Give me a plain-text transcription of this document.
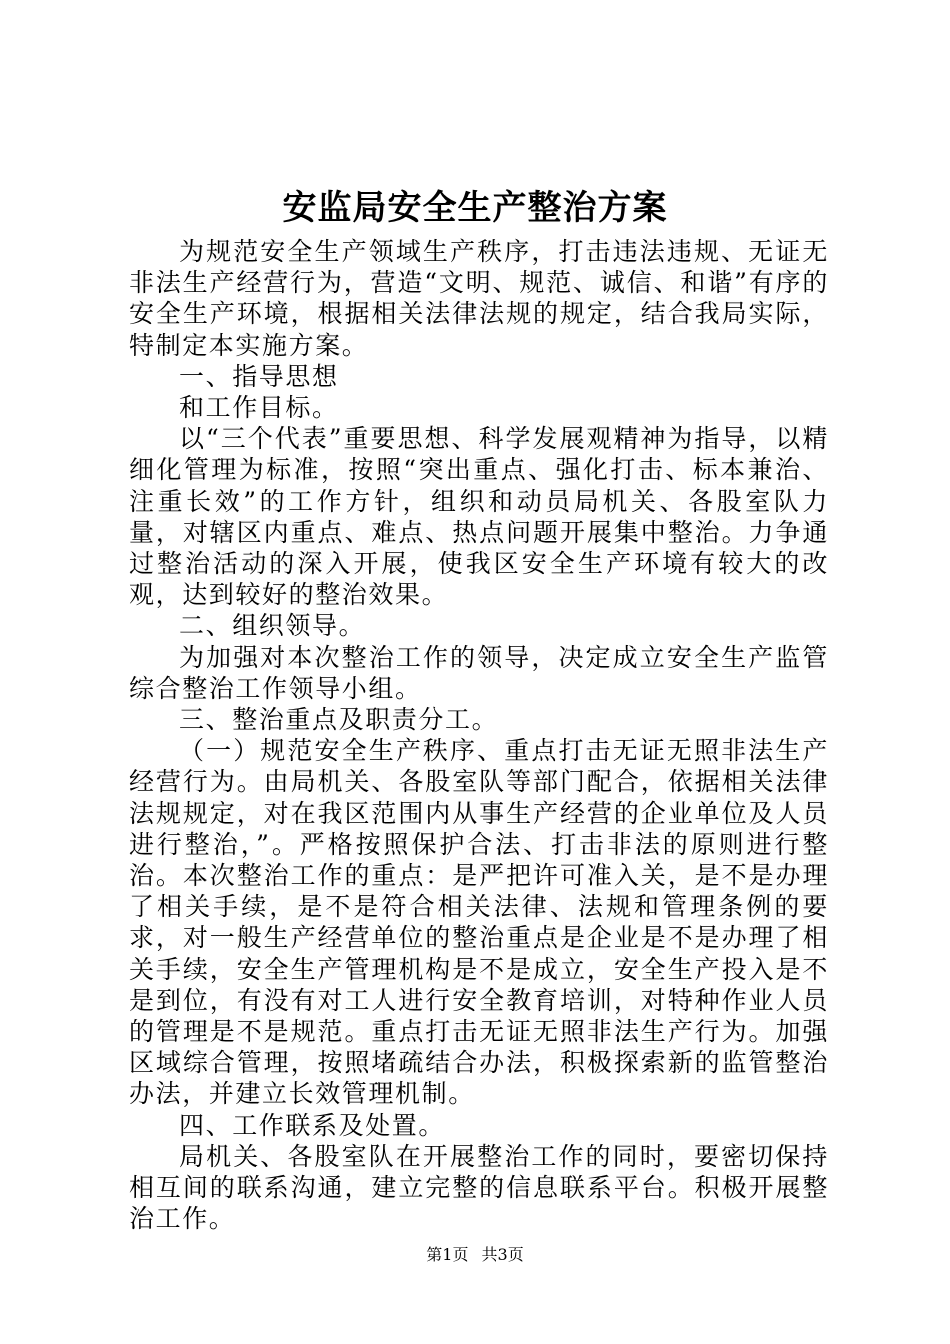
安监局安全生产整治方案

为规范安全生产领域生产秩序，打击违法违规、无证无非法生产经营行为，营造“文明、规范、诚信、和谐”有序的安全生产环境，根据相关法律法规的规定，结合我局实际，特制定本实施方案。

一、指导思想

和工作目标。

以“三个代表”重要思想、科学发展观精神为指导，以精细化管理为标准，按照“突出重点、强化打击、标本兼治、注重长效”的工作方针，组织和动员局机关、各股室队力量，对辖区内重点、难点、热点问题开展集中整治。力争通过整治活动的深入开展，使我区安全生产环境有较大的改观，达到较好的整治效果。

二、组织领导。

为加强对本次整治工作的领导，决定成立安全生产监管综合整治工作领导小组。

三、整治重点及职责分工。

（一）规范安全生产秩序、重点打击无证无照非法生产经营行为。由局机关、各股室队等部门配合，依据相关法律法规规定，对在我区范围内从事生产经营的企业单位及人员进行整治，”。严格按照保护合法、打击非法的原则进行整治。本次整治工作的重点：是严把许可准入关，是不是办理了相关手续，是不是符合相关法律、法规和管理条例的要求，对一般生产经营单位的整治重点是企业是不是办理了相关手续，安全生产管理机构是不是成立，安全生产投入是不是到位，有没有对工人进行安全教育培训，对特种作业人员的管理是不是规范。重点打击无证无照非法生产行为。加强区域综合管理，按照堵疏结合办法，积极探索新的监管整治办法，并建立长效管理机制。

四、工作联系及处置。

局机关、各股室队在开展整治工作的同时，要密切保持相互间的联系沟通，建立完整的信息联系平台。积极开展整治工作。

第1页 共3页
